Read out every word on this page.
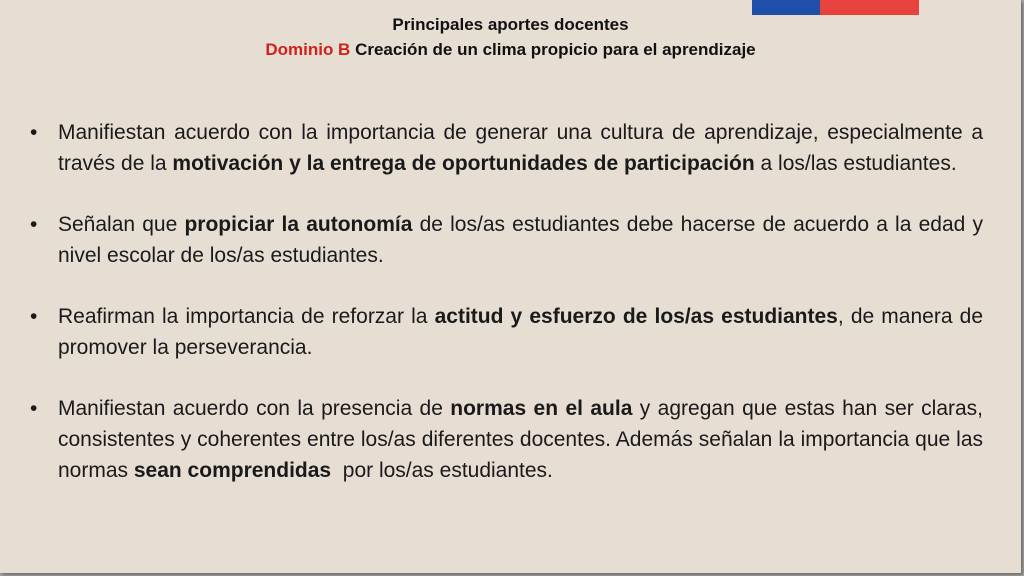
Principales aportes docentes
Dominio B Creación de un clima propicio para el aprendizaje
• Manifiestan acuerdo con la importancia de generar una cultura de aprendizaje, especialmente a través de la motivación y la entrega de oportunidades de participación a los/las estudiantes.
• Señalan que propiciar la autonomía de los/as estudiantes debe hacerse de acuerdo a la edad y nivel escolar de los/as estudiantes.
• Reafirman la importancia de reforzar la actitud y esfuerzo de los/as estudiantes, de manera de promover la perseverancia.
• Manifiestan acuerdo con la presencia de normas en el aula y agregan que estas han ser claras, consistentes y coherentes entre los/as diferentes docentes. Además señalan la importancia que las normas sean comprendidas  por los/as estudiantes.
